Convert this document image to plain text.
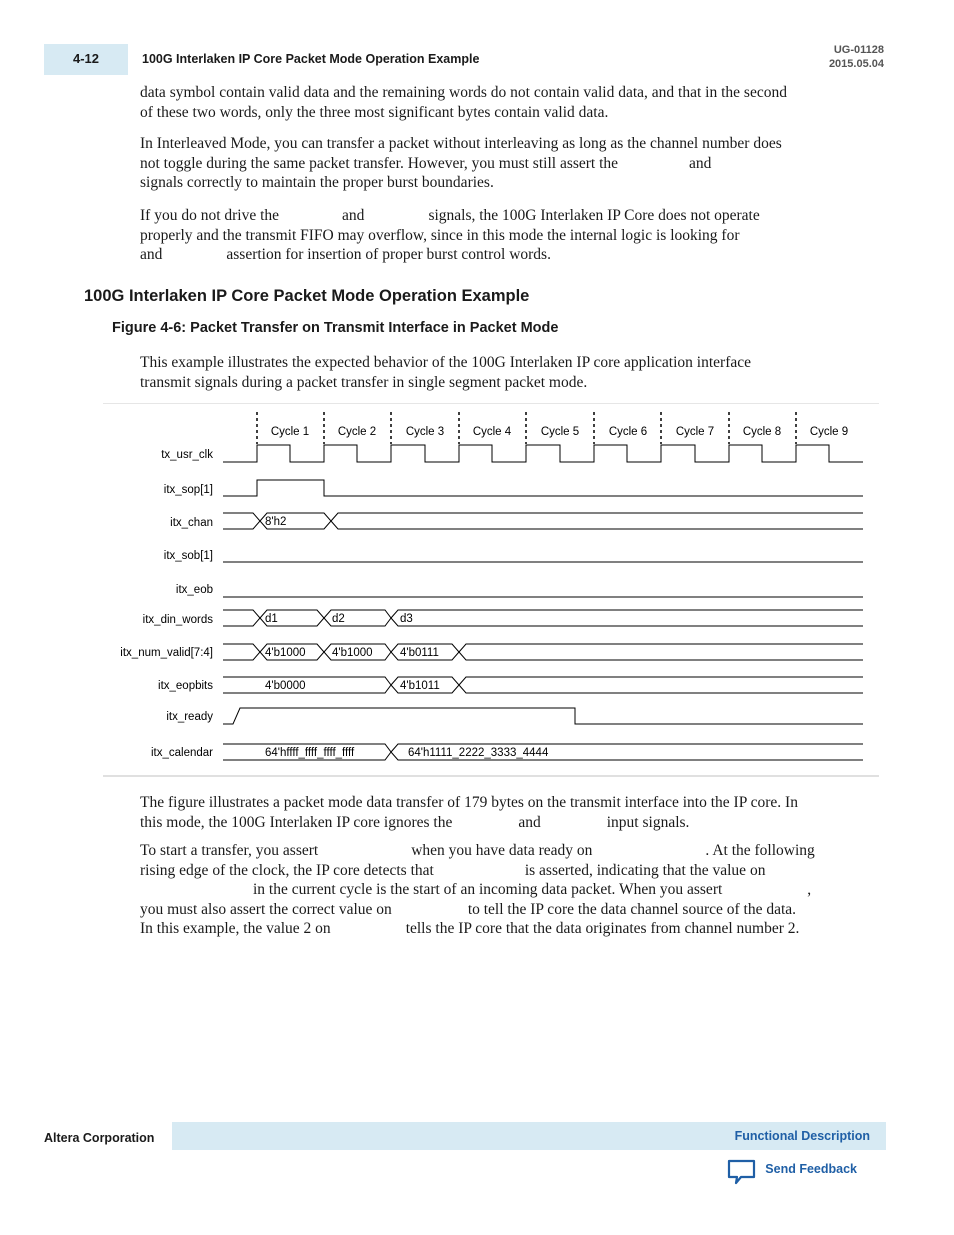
4-12	100G Interlaken IP Core Packet Mode Operation Example
UG-01128
2015.05.04
data symbol contain valid data and the remaining words do not contain valid data, and that in the second
of these two words, only the three most significant bytes contain valid data.
In Interleaved Mode, you can transfer a packet without interleaving as long as the channel number does
not toggle during the same packet transfer. However, you must still assert the	and
signals correctly to maintain the proper burst boundaries.
If you do not drive the	and	signals, the 100G Interlaken IP Core does not operate
properly and the transmit FIFO may overflow, since in this mode the internal logic is looking for
and	assertion for insertion of proper burst control words.
100G Interlaken IP Core Packet Mode Operation Example
Figure 4-6: Packet Transfer on Transmit Interface in Packet Mode
This example illustrates the expected behavior of the 100G Interlaken IP core application interface
transmit signals during a packet transfer in single segment packet mode.
Cycle 1 Cycle 2	Cycle 3 Cycle 4	Cycle 5	Cycle 6 Cycle 7 Cycle 8 Cycle 9
tx_usr_clk
itx_sop[1]
itx_chan
itx_sob[1]
itx_eob
itx_din_words
itx_num_valid[7:4]
itx_eopbits
itx_ready
itx_calendar
8'h2
d1	d2	d3
4'b1000 4'b1000 4'b0111
4'b0000	4'b1011
64'hffff_ffff_ffff_ffff	64'h1111_2222_3333_4444
The figure illustrates a packet mode data transfer of 179 bytes on the transmit interface into the IP core. In
this mode, the 100G Interlaken IP core ignores the	and	input signals.
To start a transfer, you assert	when you have data ready on	. At the following
rising edge of the clock, the IP core detects that	is asserted, indicating that the value on
in the current cycle is the start of an incoming data packet. When you assert	,
you must also assert the correct value on	to tell the IP core the data channel source of the data.
In this example, the value 2 on	tells the IP core that the data originates from channel number 2.
Altera Corporation	Functional Description
Send Feedback
